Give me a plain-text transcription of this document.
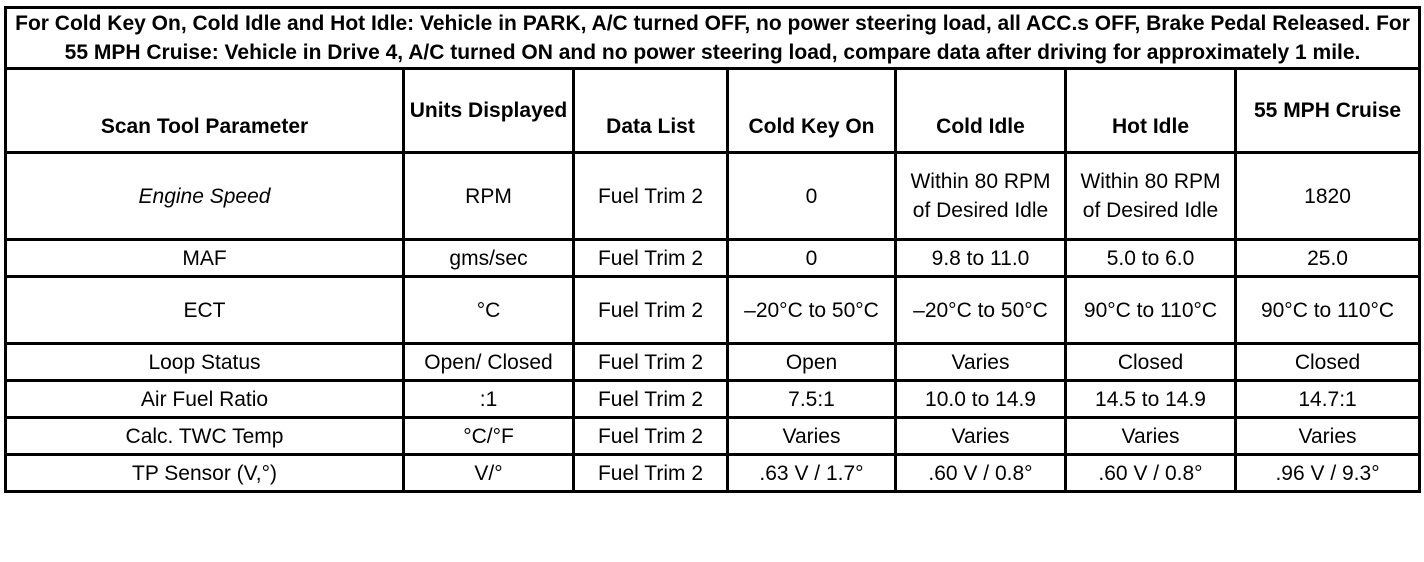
For Cold Key On, Cold Idle and Hot Idle: Vehicle in PARK, A/C turned OFF, no power steering load, all ACC.s OFF, Brake Pedal Released. For 55 MPH Cruise: Vehicle in Drive 4, A/C turned ON and no power steering load, compare data after driving for approximately 1 mile.						
Scan Tool Parameter	Units Displayed	Data List	Cold Key On	Cold Idle	Hot Idle	55 MPH Cruise
Engine Speed	RPM	Fuel Trim 2	0	Within 80 RPM of Desired Idle	Within 80 RPM of Desired Idle	1820
MAF	gms/sec	Fuel Trim 2	0	9.8 to 11.0	5.0 to 6.0	25.0
ECT	°C	Fuel Trim 2	–20°C to 50°C	–20°C to 50°C	90°C to 110°C	90°C to 110°C
Loop Status	Open/ Closed	Fuel Trim 2	Open	Varies	Closed	Closed
Air Fuel Ratio	:1	Fuel Trim 2	7.5:1	10.0 to 14.9	14.5 to 14.9	14.7:1
Calc. TWC Temp	°C/°F	Fuel Trim 2	Varies	Varies	Varies	Varies
TP Sensor (V,°)	V/°	Fuel Trim 2	.63 V / 1.7°	.60 V / 0.8°	.60 V / 0.8°	.96 V / 9.3°
